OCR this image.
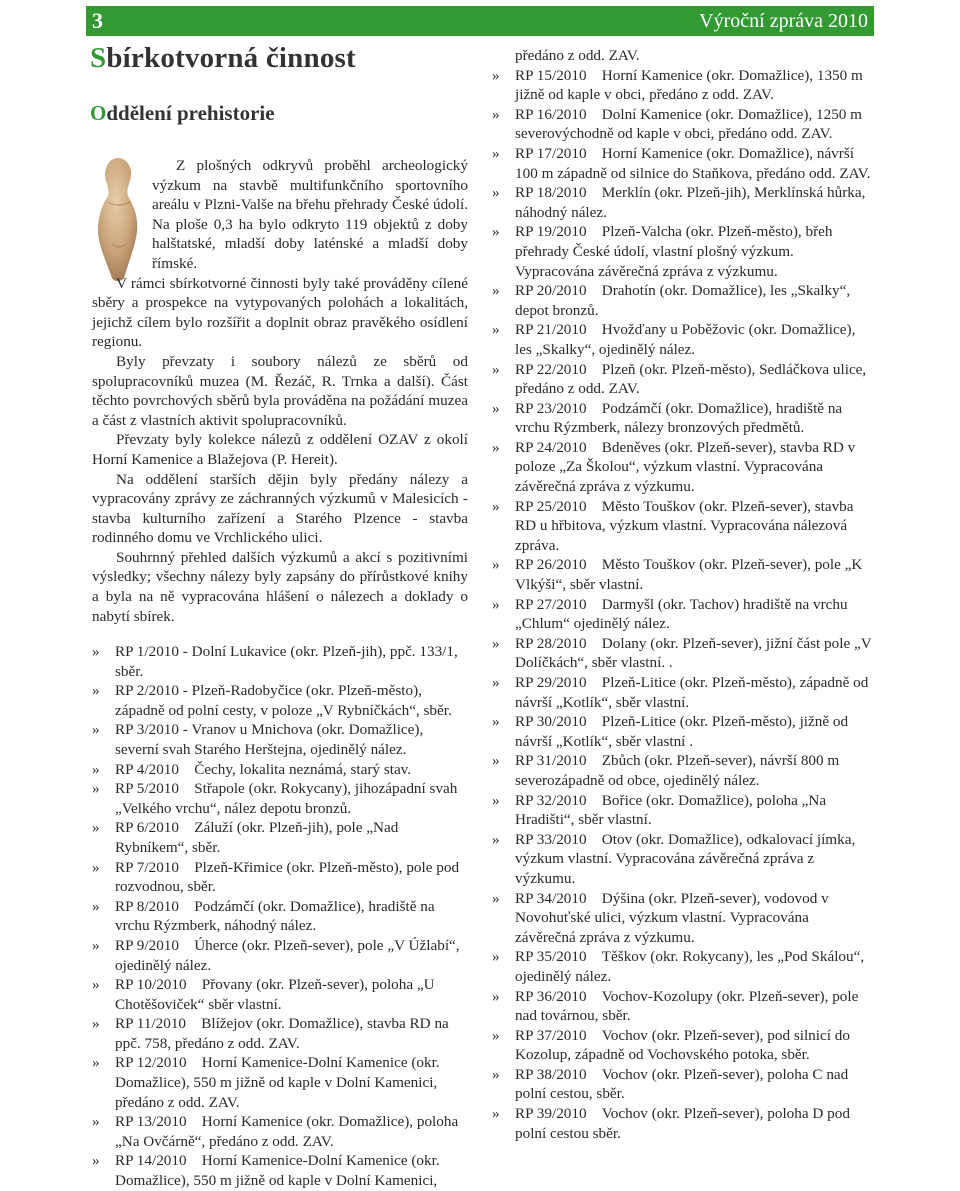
3	Výroční zpráva 2010
Sbírkotvorná činnost
Oddělení prehistorie

Z plošných odkryvů proběhl archeologický výzkum na stavbě multifunkčního sportovního areálu v Plzni-Valše na břehu přehrady České údolí. Na ploše 0,3 ha bylo odkryto 119 objektů z doby halštatské, mladší doby laténské a mladší doby římské.

V rámci sbírkotvorné činnosti byly také prováděny cílené sběry a prospekce na vytypovaných polohách a lokalitách, jejichž cílem bylo rozšířit a doplnit obraz pravěkého osídlení regionu.

Byly převzaty i soubory nálezů ze sběrů od spolupracovníků muzea (M. Řezáč, R. Trnka a další). Část těchto povrchových sběrů byla prováděna na požádání muzea a část z vlastních aktivit spolupracovníků.

Převzaty byly kolekce nálezů z oddělení OZAV z okolí Horní Kamenice a Blažejova (P. Hereit).

Na oddělení starších dějin byly předány nálezy a vypracovány zprávy ze záchranných výzkumů v Malesicích - stavba kulturního zařízení a Starého Plzence - stavba rodinného domu ve Vrchlického ulici.

Souhrnný přehled dalších výzkumů a akcí s pozitivními výsledky; všechny nálezy byly zapsány do přírůstkové knihy a byla na ně vypracována hlášení o nálezech a doklady o nabytí sbírek.

» RP 1/2010 - Dolní Lukavice (okr. Plzeň-jih), ppč. 133/1, sběr.
» RP 2/2010 - Plzeň-Radobyčice (okr. Plzeň-město), západně od polní cesty, v poloze „V Rybníčkách“, sběr.
» RP 3/2010 - Vranov u Mnichova (okr. Domažlice), severní svah Starého Herštejna, ojedinělý nález.
» RP 4/2010 Čechy, lokalita neznámá, starý stav.
» RP 5/2010 Střapole (okr. Rokycany), jihozápadní svah „Velkého vrchu“, nález depotu bronzů.
» RP 6/2010 Záluží (okr. Plzeň-jih), pole „Nad Rybníkem“, sběr.
» RP 7/2010 Plzeň-Křimice (okr. Plzeň-město), pole pod rozvodnou, sběr.
» RP 8/2010 Podzámčí (okr. Domažlice), hradiště na vrchu Rýzmberk, náhodný nález.
» RP 9/2010 Úherce (okr. Plzeň-sever), pole „V Úžlabí“, ojedinělý nález.
» RP 10/2010 Přovany (okr. Plzeň-sever), poloha „U Chotěšoviček“ sběr vlastní.
» RP 11/2010 Blížejov (okr. Domažlice), stavba RD na ppč. 758, předáno z odd. ZAV.
» RP 12/2010 Horní Kamenice-Dolní Kamenice (okr. Domažlice), 550 m jižně od kaple v Dolní Kamenici, předáno z odd. ZAV.
» RP 13/2010 Horní Kamenice (okr. Domažlice), poloha „Na Ovčárně“, předáno z odd. ZAV.
» RP 14/2010 Horní Kamenice-Dolní Kamenice (okr. Domažlice), 550 m jižně od kaple v Dolní Kamenici,
předáno z odd. ZAV.
» RP 15/2010 Horní Kamenice (okr. Domažlice), 1350 m jižně od kaple v obci, předáno z odd. ZAV.
» RP 16/2010 Dolní Kamenice (okr. Domažlice), 1250 m severovýchodně od kaple v obci, předáno odd. ZAV.
» RP 17/2010 Horní Kamenice (okr. Domažlice), návrší 100 m západně od silnice do Staňkova, předáno odd. ZAV.
» RP 18/2010 Merklín (okr. Plzeň-jih), Merklínská hůrka, náhodný nález.
» RP 19/2010 Plzeň-Valcha (okr. Plzeň-město), břeh přehrady České údolí, vlastní plošný výzkum. Vypracována závěrečná zpráva z výzkumu.
» RP 20/2010 Drahotín (okr. Domažlice), les „Skalky“, depot bronzů.
» RP 21/2010 Hvožďany u Poběžovic (okr. Domažlice), les „Skalky“, ojedinělý nález.
» RP 22/2010 Plzeň (okr. Plzeň-město), Sedláčkova ulice, předáno z odd. ZAV.
» RP 23/2010 Podzámčí (okr. Domažlice), hradiště na vrchu Rýzmberk, nálezy bronzových předmětů.
» RP 24/2010 Bdeněves (okr. Plzeň-sever), stavba RD v poloze „Za Školou“, výzkum vlastní. Vypracována závěrečná zpráva z výzkumu.
» RP 25/2010 Město Touškov (okr. Plzeň-sever), stavba RD u hřbitova, výzkum vlastní. Vypracována nálezová zpráva.
» RP 26/2010 Město Touškov (okr. Plzeň-sever), pole „K Vlkýši“, sběr vlastní.
» RP 27/2010 Darmyšl (okr. Tachov) hradiště na vrchu „Chlum“ ojedinělý nález.
» RP 28/2010 Dolany (okr. Plzeň-sever), jižní část pole „V Dolíčkách“, sběr vlastní. .
» RP 29/2010 Plzeň-Litice (okr. Plzeň-město), západně od návrší „Kotlík“, sběr vlastní.
» RP 30/2010 Plzeň-Litice (okr. Plzeň-město), jižně od návrší „Kotlík“, sběr vlastní .
» RP 31/2010 Zbůch (okr. Plzeň-sever), návrší 800 m severozápadně od obce, ojedinělý nález.
» RP 32/2010 Bořice (okr. Domažlice), poloha „Na Hradišti“, sběr vlastní.
» RP 33/2010 Otov (okr. Domažlice), odkalovací jímka, výzkum vlastní. Vypracována závěrečná zpráva z výzkumu.
» RP 34/2010 Dýšina (okr. Plzeň-sever), vodovod v Novohuťské ulici, výzkum vlastní. Vypracována závěrečná zpráva z výzkumu.
» RP 35/2010 Těškov (okr. Rokycany), les „Pod Skálou“, ojedinělý nález.
» RP 36/2010 Vochov-Kozolupy (okr. Plzeň-sever), pole nad továrnou, sběr.
» RP 37/2010 Vochov (okr. Plzeň-sever), pod silnicí do Kozolup, západně od Vochovského potoka, sběr.
» RP 38/2010 Vochov (okr. Plzeň-sever), poloha C nad polní cestou, sběr.
» RP 39/2010 Vochov (okr. Plzeň-sever), poloha D pod polní cestou sběr.
